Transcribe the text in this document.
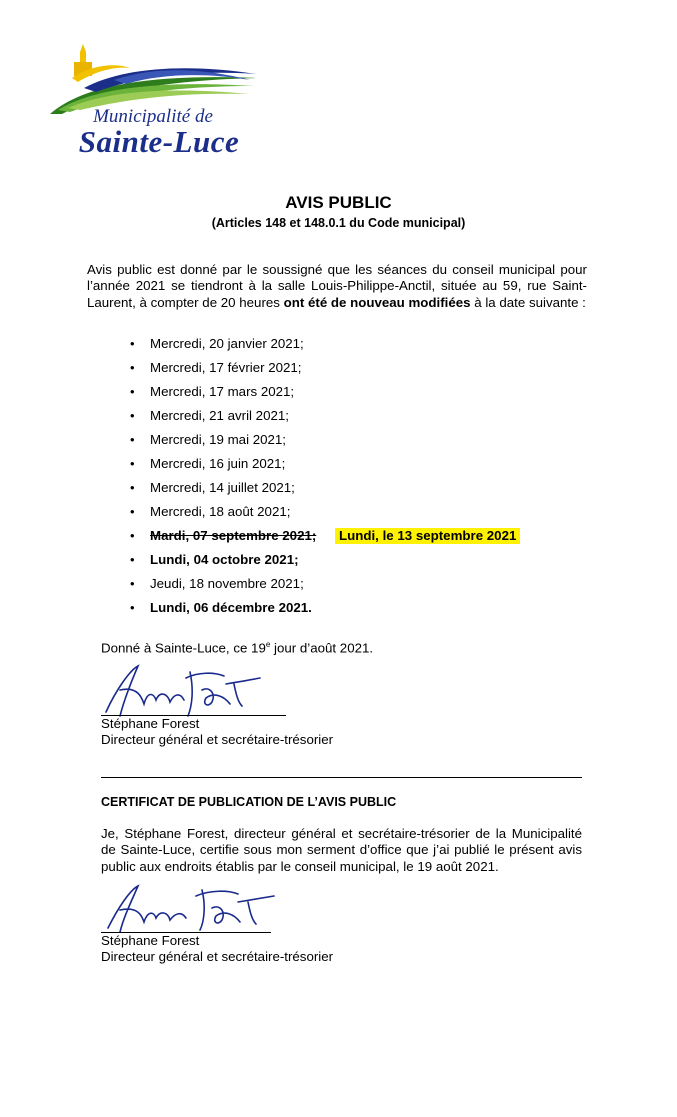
Municipalité de
Sainte-Luce
AVIS PUBLIC
(Articles 148 et 148.0.1 du Code municipal)
Avis public est donné par le soussigné que les séances du conseil municipal pour l’année 2021 se tiendront à la salle Louis-Philippe-Anctil, située au 59, rue Saint-Laurent, à compter de 20 heures ont été de nouveau modifiées à la date suivante :
• Mercredi, 20 janvier 2021;
• Mercredi, 17 février 2021;
• Mercredi, 17 mars 2021;
• Mercredi, 21 avril 2021;
• Mercredi, 19 mai 2021;
• Mercredi, 16 juin 2021;
• Mercredi, 14 juillet 2021;
• Mercredi, 18 août 2021;
• Mardi, 07 septembre 2021;	Lundi, le 13 septembre 2021
• Lundi, 04 octobre 2021;
• Jeudi, 18 novembre 2021;
• Lundi, 06 décembre 2021.
Donné à Sainte-Luce, ce 19e jour d’août 2021.
Stéphane Forest
Directeur général et secrétaire-trésorier
CERTIFICAT DE PUBLICATION DE L’AVIS PUBLIC
Je, Stéphane Forest, directeur général et secrétaire-trésorier de la Municipalité de Sainte-Luce, certifie sous mon serment d’office que j’ai publié le présent avis public aux endroits établis par le conseil municipal, le 19 août 2021.
Stéphane Forest
Directeur général et secrétaire-trésorier
